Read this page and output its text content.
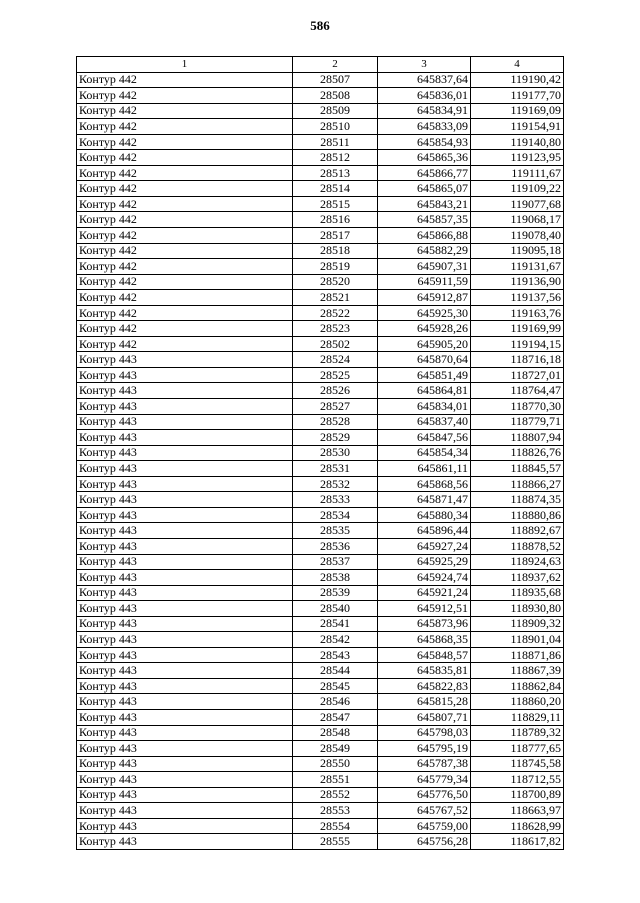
586
1	2	3	4
Контур 442	28507	645837,64	119190,42
Контур 442	28508	645836,01	119177,70
Контур 442	28509	645834,91	119169,09
Контур 442	28510	645833,09	119154,91
Контур 442	28511	645854,93	119140,80
Контур 442	28512	645865,36	119123,95
Контур 442	28513	645866,77	119111,67
Контур 442	28514	645865,07	119109,22
Контур 442	28515	645843,21	119077,68
Контур 442	28516	645857,35	119068,17
Контур 442	28517	645866,88	119078,40
Контур 442	28518	645882,29	119095,18
Контур 442	28519	645907,31	119131,67
Контур 442	28520	645911,59	119136,90
Контур 442	28521	645912,87	119137,56
Контур 442	28522	645925,30	119163,76
Контур 442	28523	645928,26	119169,99
Контур 442	28502	645905,20	119194,15
Контур 443	28524	645870,64	118716,18
Контур 443	28525	645851,49	118727,01
Контур 443	28526	645864,81	118764,47
Контур 443	28527	645834,01	118770,30
Контур 443	28528	645837,40	118779,71
Контур 443	28529	645847,56	118807,94
Контур 443	28530	645854,34	118826,76
Контур 443	28531	645861,11	118845,57
Контур 443	28532	645868,56	118866,27
Контур 443	28533	645871,47	118874,35
Контур 443	28534	645880,34	118880,86
Контур 443	28535	645896,44	118892,67
Контур 443	28536	645927,24	118878,52
Контур 443	28537	645925,29	118924,63
Контур 443	28538	645924,74	118937,62
Контур 443	28539	645921,24	118935,68
Контур 443	28540	645912,51	118930,80
Контур 443	28541	645873,96	118909,32
Контур 443	28542	645868,35	118901,04
Контур 443	28543	645848,57	118871,86
Контур 443	28544	645835,81	118867,39
Контур 443	28545	645822,83	118862,84
Контур 443	28546	645815,28	118860,20
Контур 443	28547	645807,71	118829,11
Контур 443	28548	645798,03	118789,32
Контур 443	28549	645795,19	118777,65
Контур 443	28550	645787,38	118745,58
Контур 443	28551	645779,34	118712,55
Контур 443	28552	645776,50	118700,89
Контур 443	28553	645767,52	118663,97
Контур 443	28554	645759,00	118628,99
Контур 443	28555	645756,28	118617,82
